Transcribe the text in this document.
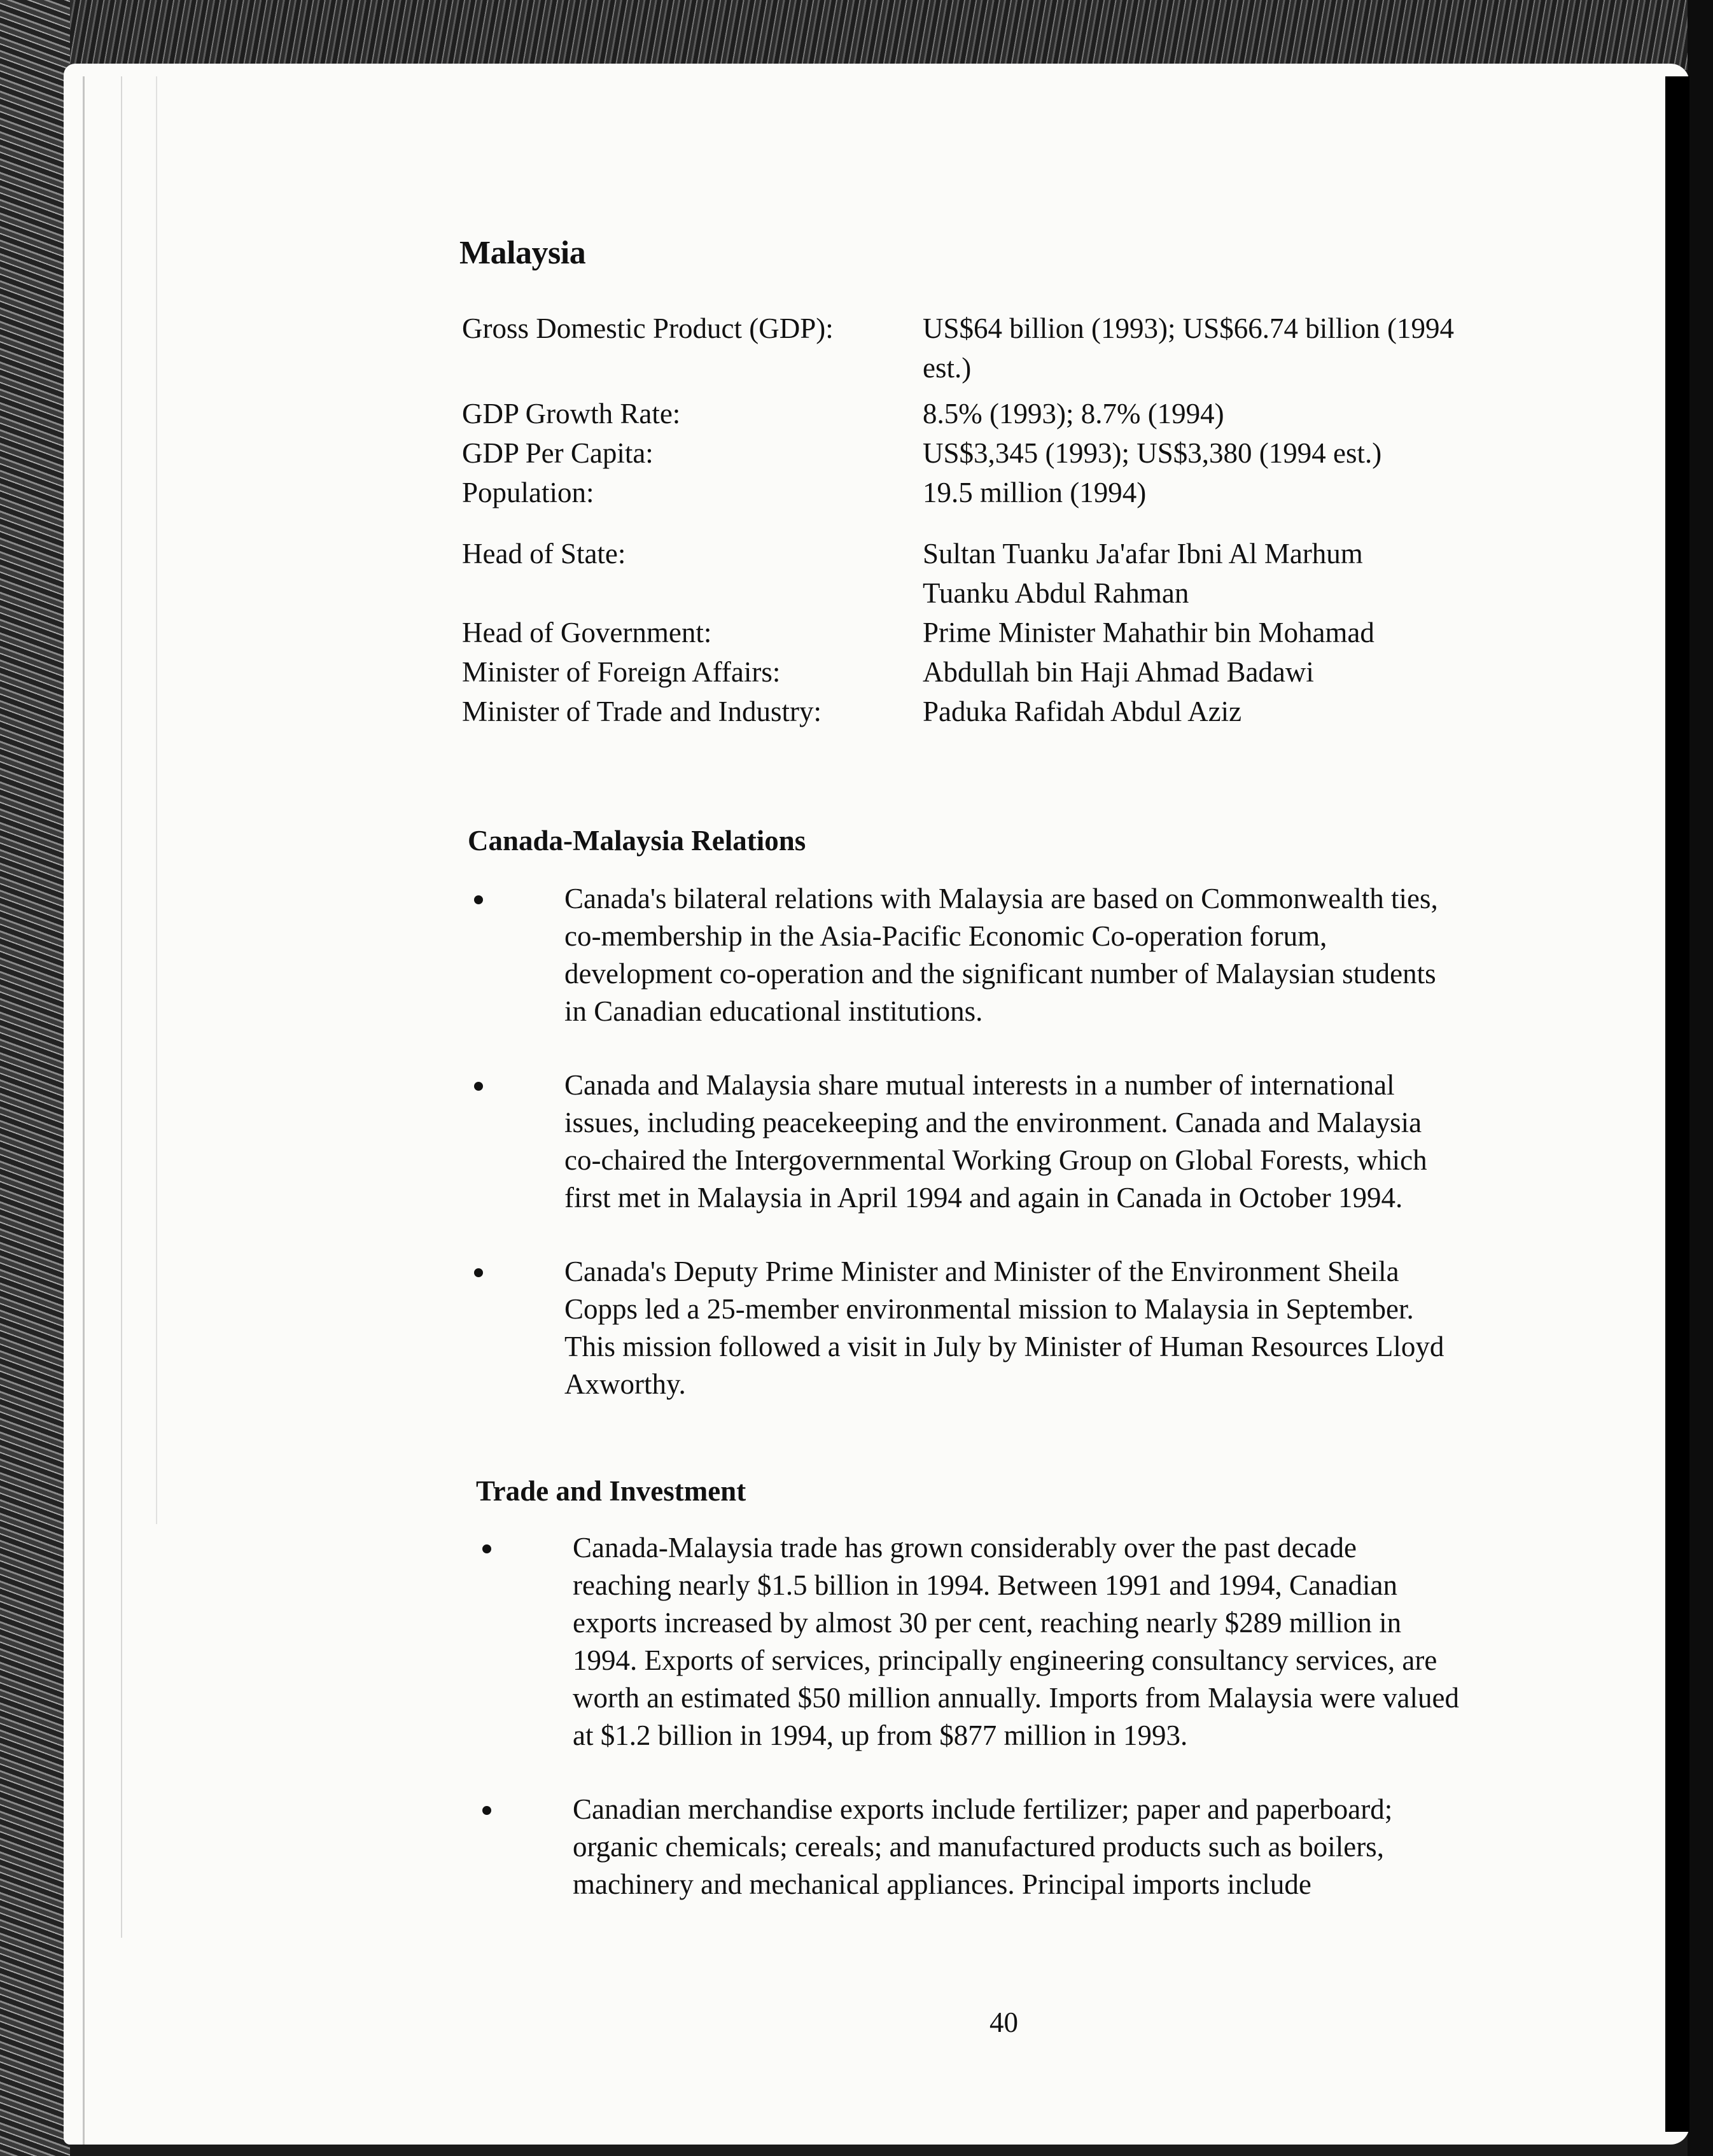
Malaysia
Gross Domestic Product (GDP):	US$64 billion (1993); US$66.74 billion (1994 est.)
GDP Growth Rate:	8.5% (1993); 8.7% (1994)
GDP Per Capita:	US$3,345 (1993); US$3,380 (1994 est.)
Population:	19.5 million (1994)
Head of State:	Sultan Tuanku Ja'afar Ibni Al Marhum Tuanku Abdul Rahman
Head of Government:	Prime Minister Mahathir bin Mohamad
Minister of Foreign Affairs:	Abdullah bin Haji Ahmad Badawi
Minister of Trade and Industry:	Paduka Rafidah Abdul Aziz
Canada-Malaysia Relations
Canada's bilateral relations with Malaysia are based on Commonwealth ties, co-membership in the Asia-Pacific Economic Co-operation forum, development co-operation and the significant number of Malaysian students in Canadian educational institutions.
Canada and Malaysia share mutual interests in a number of international issues, including peacekeeping and the environment. Canada and Malaysia co-chaired the Intergovernmental Working Group on Global Forests, which first met in Malaysia in April 1994 and again in Canada in October 1994.
Canada's Deputy Prime Minister and Minister of the Environment Sheila Copps led a 25-member environmental mission to Malaysia in September. This mission followed a visit in July by Minister of Human Resources Lloyd Axworthy.
Trade and Investment
Canada-Malaysia trade has grown considerably over the past decade reaching nearly $1.5 billion in 1994. Between 1991 and 1994, Canadian exports increased by almost 30 per cent, reaching nearly $289 million in 1994. Exports of services, principally engineering consultancy services, are worth an estimated $50 million annually. Imports from Malaysia were valued at $1.2 billion in 1994, up from $877 million in 1993.
Canadian merchandise exports include fertilizer; paper and paperboard; organic chemicals; cereals; and manufactured products such as boilers, machinery and mechanical appliances. Principal imports include
40
